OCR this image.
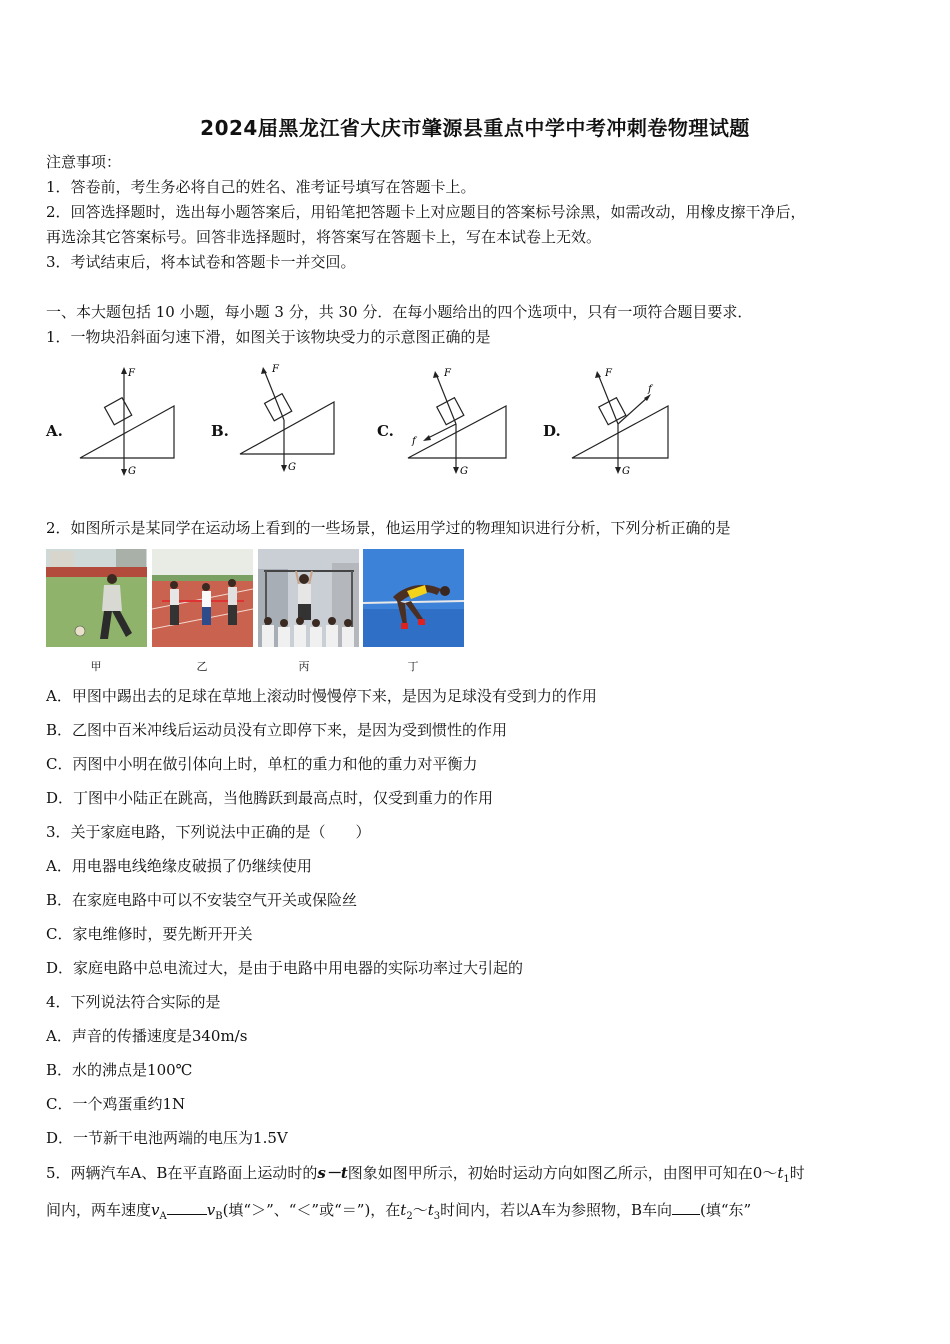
2024届黑龙江省大庆市肇源县重点中学中考冲刺卷物理试题
注意事项：
1．答卷前，考生务必将自己的姓名、准考证号填写在答题卡上。
2．回答选择题时，选出每小题答案后，用铅笔把答题卡上对应题目的答案标号涂黑，如需改动，用橡皮擦干净后，
再选涂其它答案标号。回答非选择题时，将答案写在答题卡上，写在本试卷上无效。
3．考试结束后，将本试卷和答题卡一并交回。
一、本大题包括 10 小题，每小题 3 分，共 30 分．在每小题给出的四个选项中，只有一项符合题目要求．
1．一物块沿斜面匀速下滑，如图关于该物块受力的示意图正确的是
A.
F
G
B.
F
G
C.
F
f
G
D.
F
f
G
2．如图所示是某同学在运动场上看到的一些场景，他运用学过的物理知识进行分析，下列分析正确的是
甲	乙	丙	丁
A．甲图中踢出去的足球在草地上滚动时慢慢停下来，是因为足球没有受到力的作用
B．乙图中百米冲线后运动员没有立即停下来，是因为受到惯性的作用
C．丙图中小明在做引体向上时，单杠的重力和他的重力对平衡力
D．丁图中小陆正在跳高，当他腾跃到最高点时，仅受到重力的作用
3．关于家庭电路，下列说法中正确的是（　　）
A．用电器电线绝缘皮破损了仍继续使用
B．在家庭电路中可以不安装空气开关或保险丝
C．家电维修时，要先断开开关
D．家庭电路中总电流过大，是由于电路中用电器的实际功率过大引起的
4．下列说法符合实际的是
A．声音的传播速度是340m/s
B．水的沸点是100℃
C．一个鸡蛋重约1N
D．一节新干电池两端的电压为1.5V
5．两辆汽车A、B在平直路面上运动时的s－t图象如图甲所示，初始时运动方向如图乙所示，由图甲可知在$0\sim t_1$时
间内，两车速度$v_A$	$v_B$(填“＞”、“＜”或“＝”)，在$t_2\sim t_3$时间内，若以A车为参照物，B车向 (填“东”
